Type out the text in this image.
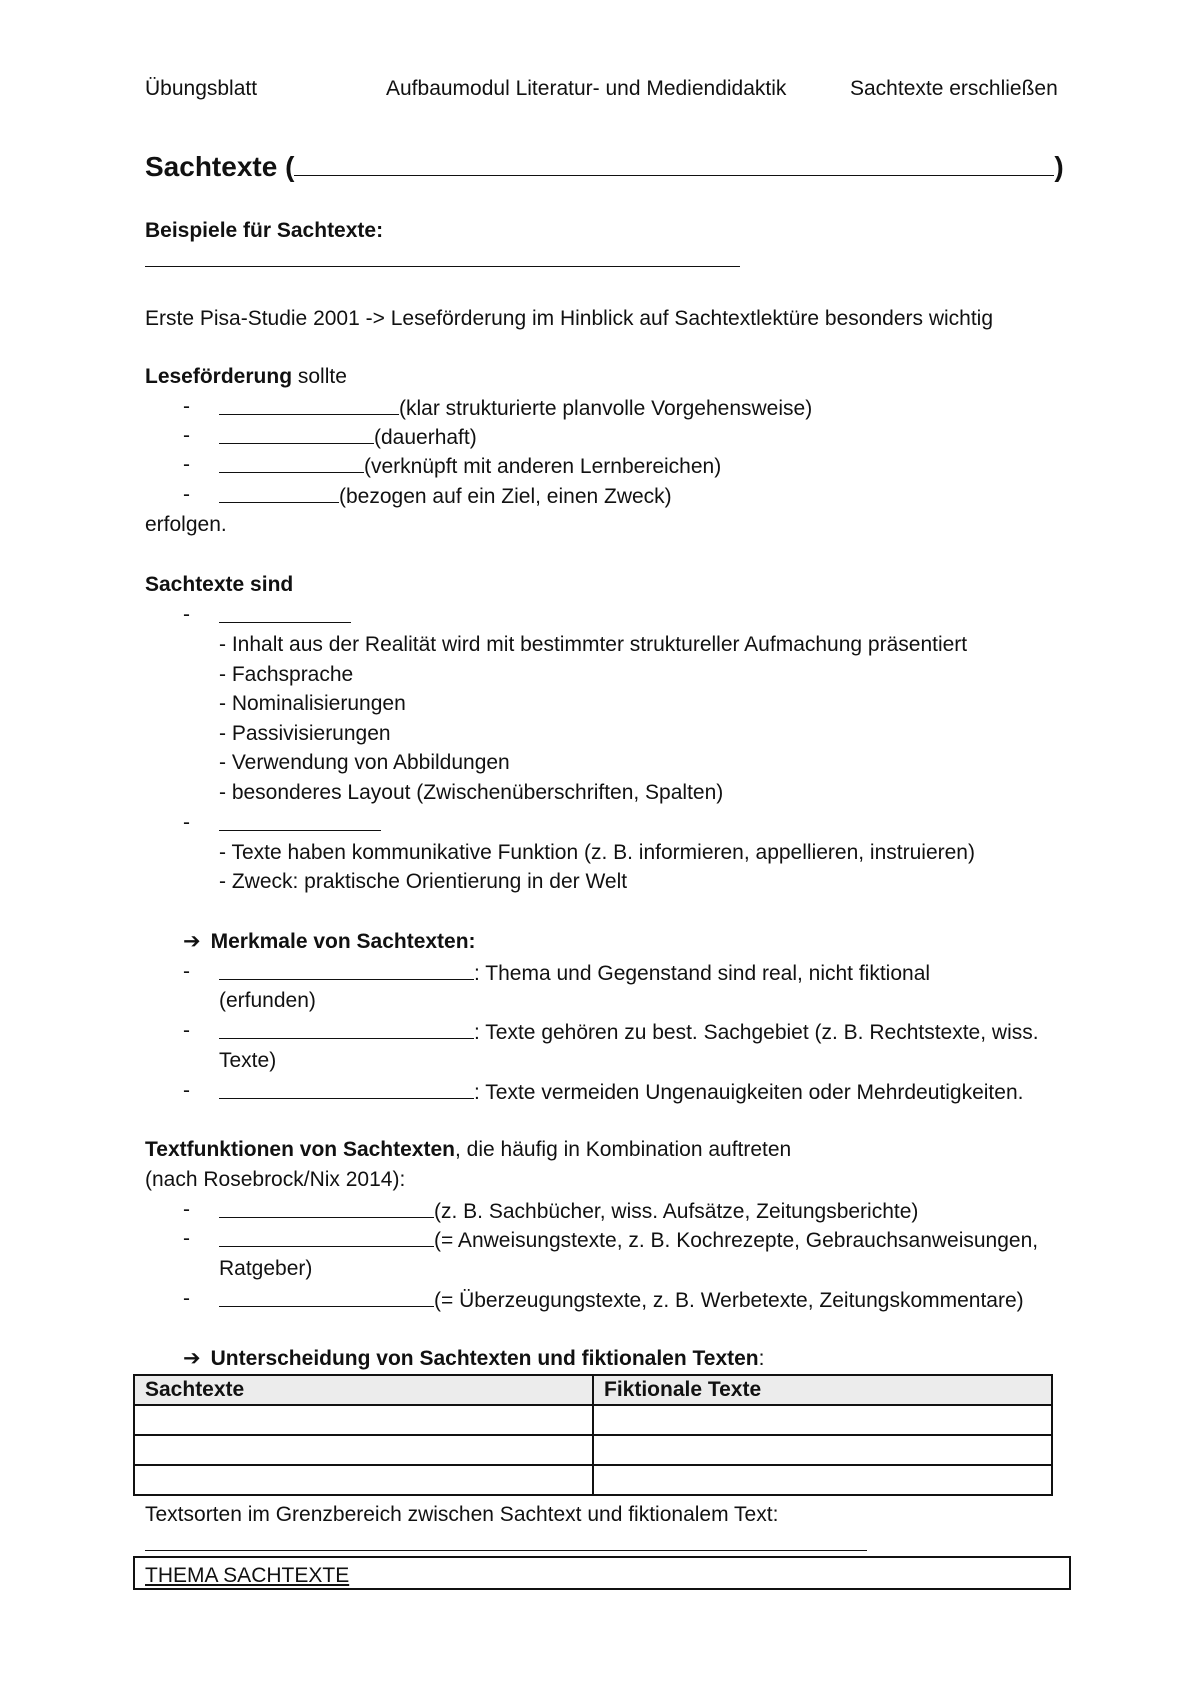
Übungsblatt	Aufbaumodul Literatur- und Mediendidaktik	Sachtexte erschließen
Sachtexte (	)
Beispiele für Sachtexte:
Erste Pisa-Studie 2001 -> Leseförderung im Hinblick auf Sachtextlektüre besonders wichtig
Leseförderung sollte
-	(klar strukturierte planvolle Vorgehensweise)
-	(dauerhaft)
-	(verknüpft mit anderen Lernbereichen)
-	(bezogen auf ein Ziel, einen Zweck)
erfolgen.
Sachtexte sind
-
- Inhalt aus der Realität wird mit bestimmter struktureller Aufmachung präsentiert
- Fachsprache
- Nominalisierungen
- Passivisierungen
- Verwendung von Abbildungen
- besonderes Layout (Zwischenüberschriften, Spalten)
-
- Texte haben kommunikative Funktion (z. B. informieren, appellieren, instruieren)
- Zweck: praktische Orientierung in der Welt
➔ Merkmale von Sachtexten:
-	: Thema und Gegenstand sind real, nicht fiktional
(erfunden)
-	: Texte gehören zu best. Sachgebiet (z. B. Rechtstexte, wiss.
Texte)
-	: Texte vermeiden Ungenauigkeiten oder Mehrdeutigkeiten.
Textfunktionen von Sachtexten, die häufig in Kombination auftreten
(nach Rosebrock/Nix 2014):
-	(z. B. Sachbücher, wiss. Aufsätze, Zeitungsberichte)
-	(= Anweisungstexte, z. B. Kochrezepte, Gebrauchsanweisungen,
Ratgeber)
-	(= Überzeugungstexte, z. B. Werbetexte, Zeitungskommentare)
➔ Unterscheidung von Sachtexten und fiktionalen Texten:
Sachtexte	Fiktionale Texte

Textsorten im Grenzbereich zwischen Sachtext und fiktionalem Text:
THEMA SACHTEXTE
